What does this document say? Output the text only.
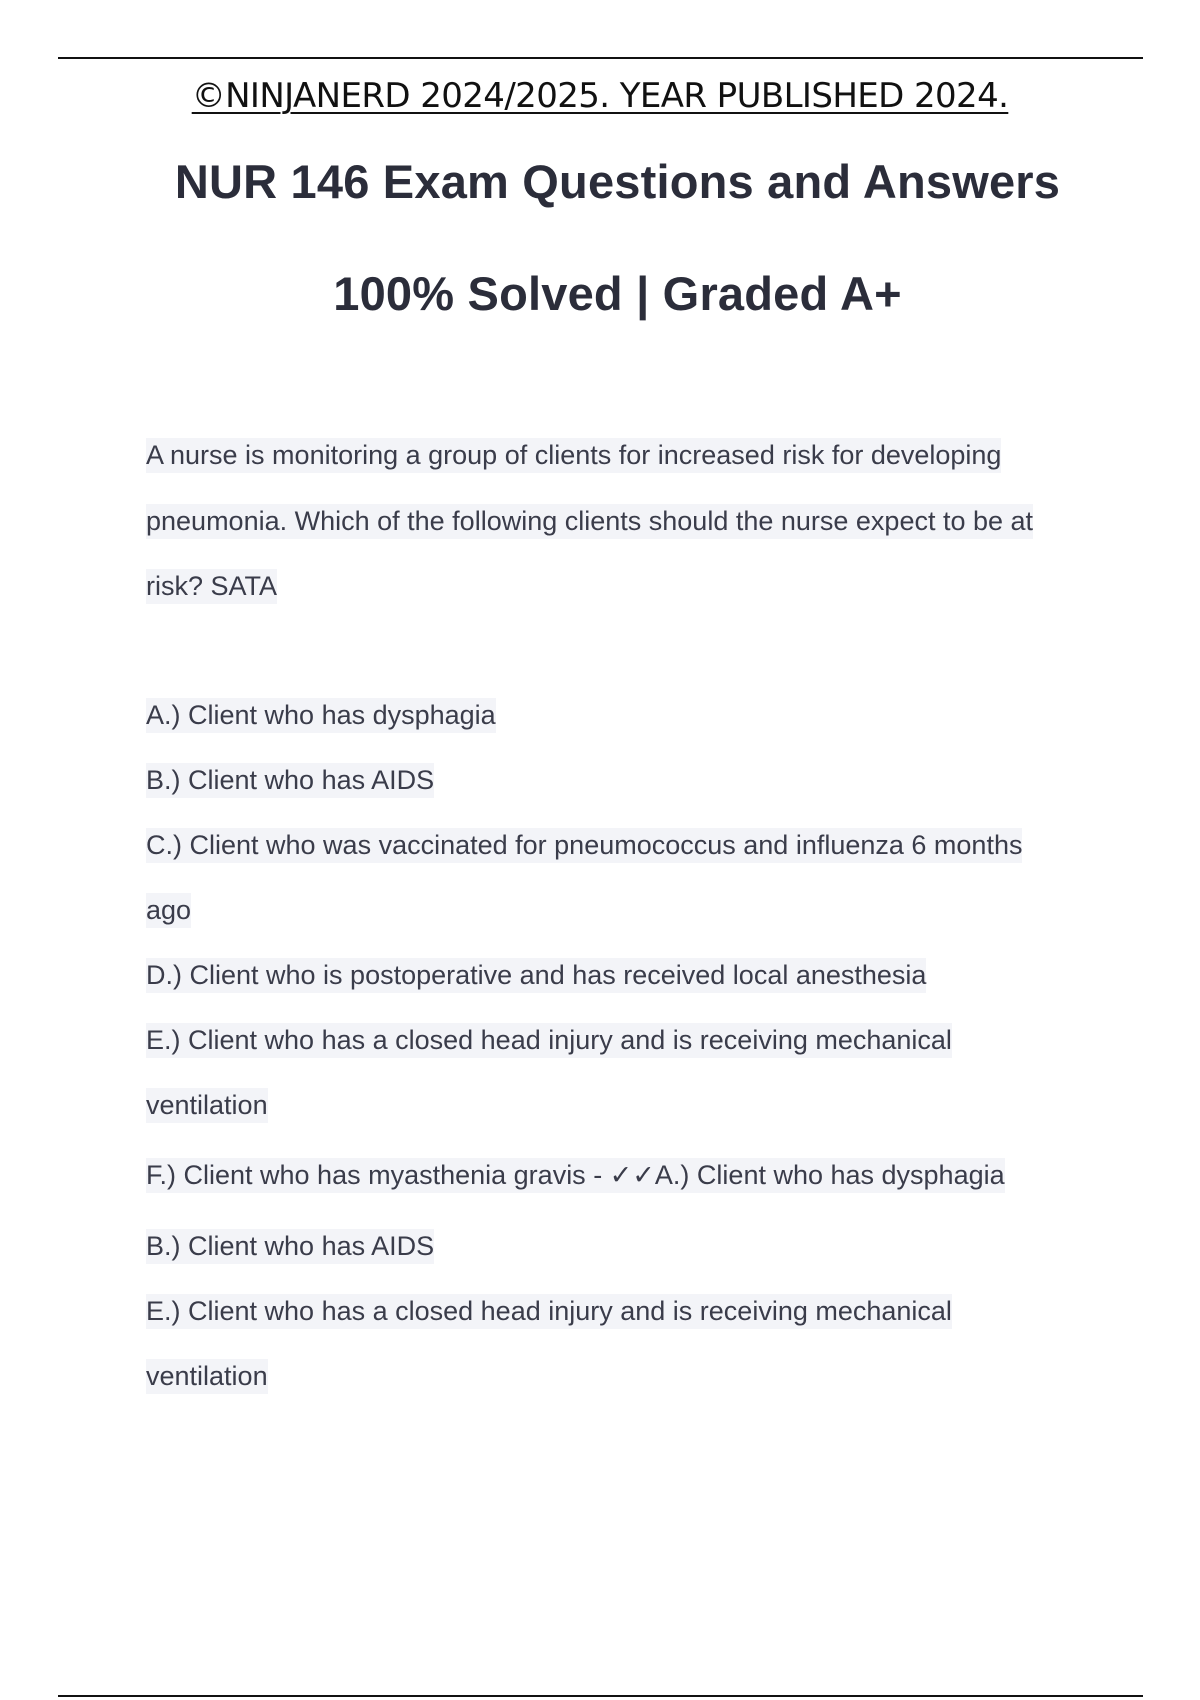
©NINJANERD 2024/2025. YEAR PUBLISHED 2024.
NUR 146 Exam Questions and Answers
100% Solved | Graded A+
A nurse is monitoring a group of clients for increased risk for developing
pneumonia. Which of the following clients should the nurse expect to be at
risk? SATA
A.) Client who has dysphagia
B.) Client who has AIDS
C.) Client who was vaccinated for pneumococcus and influenza 6 months
ago
D.) Client who is postoperative and has received local anesthesia
E.) Client who has a closed head injury and is receiving mechanical
ventilation
F.) Client who has myasthenia gravis - ✓✓A.) Client who has dysphagia
B.) Client who has AIDS
E.) Client who has a closed head injury and is receiving mechanical
ventilation
